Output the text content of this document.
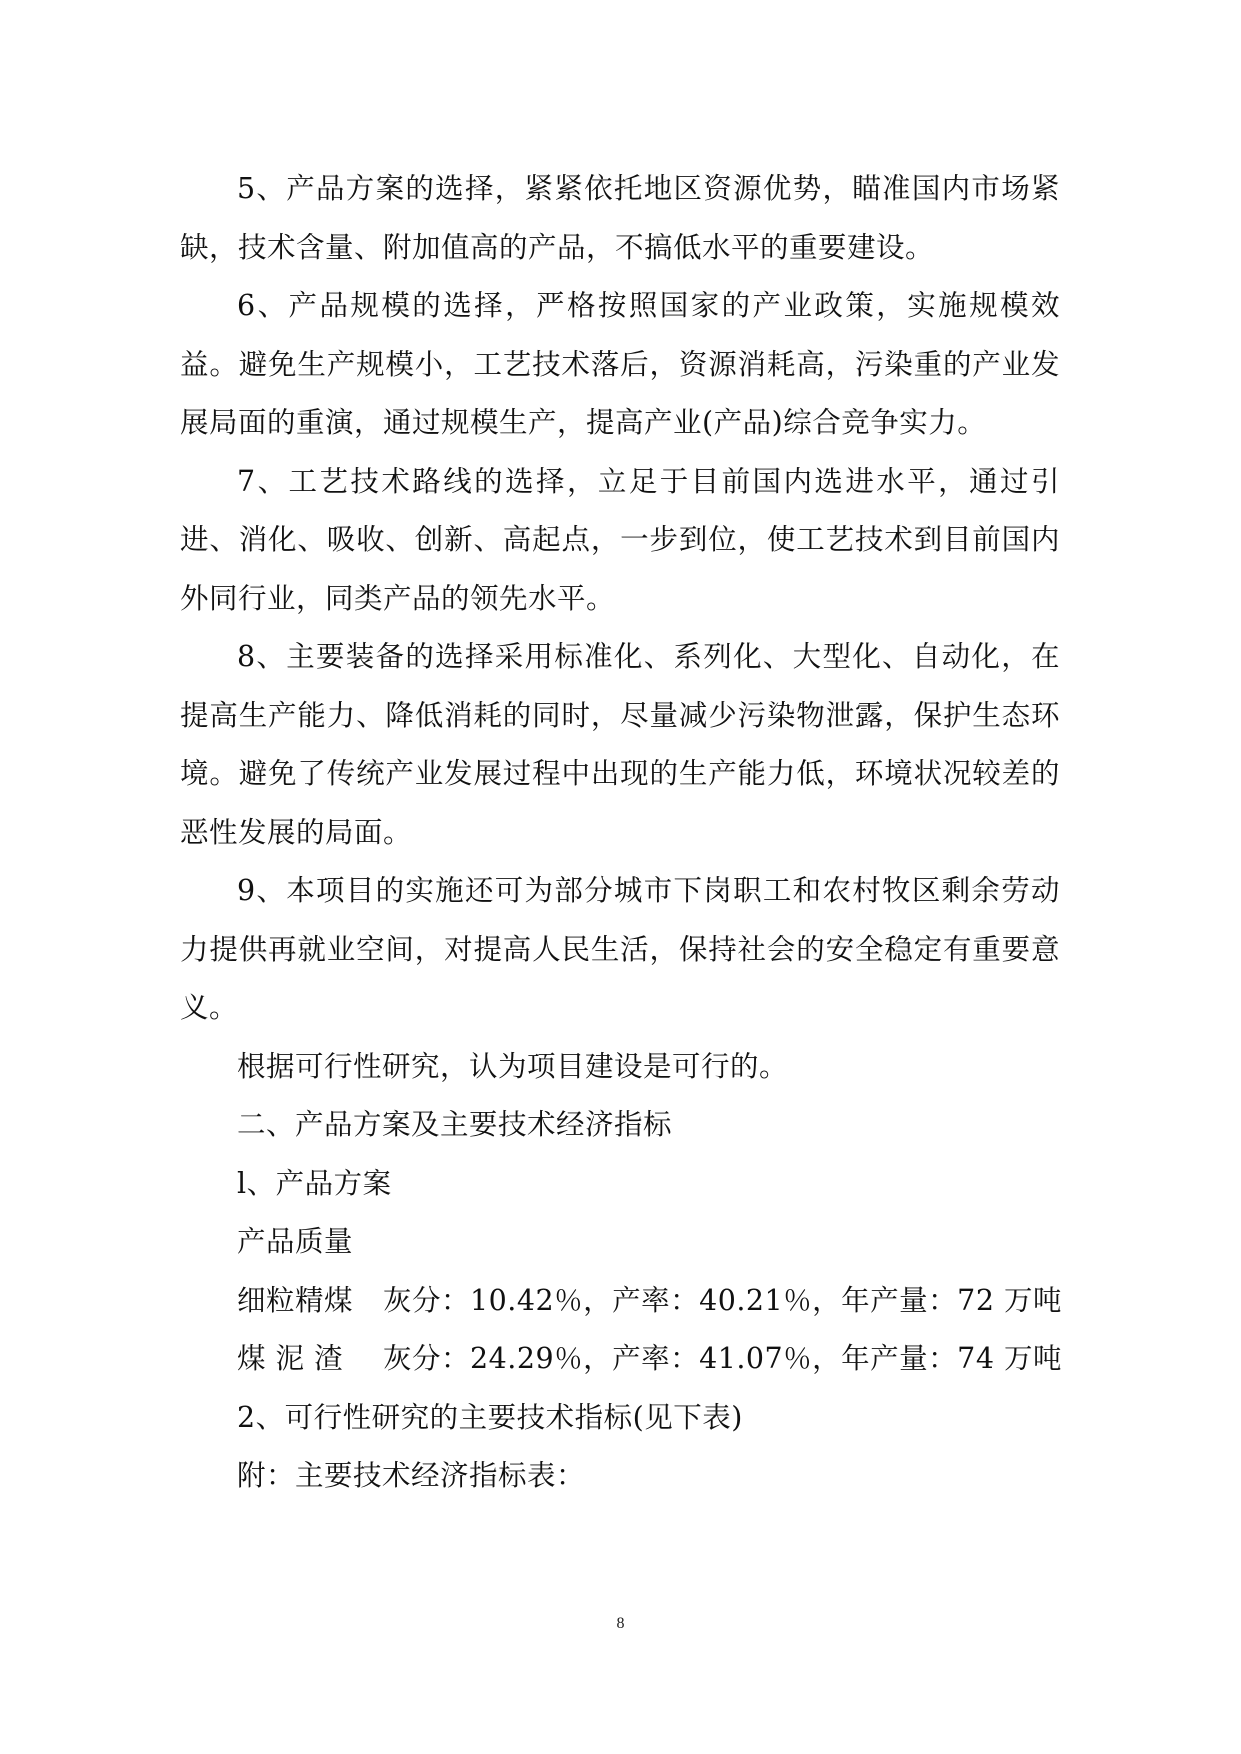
5、产品方案的选择，紧紧依托地区资源优势，瞄准国内市场紧缺，技术含量、附加值高的产品，不搞低水平的重要建设。

6、产品规模的选择，严格按照国家的产业政策，实施规模效益。避免生产规模小，工艺技术落后，资源消耗高，污染重的产业发展局面的重演，通过规模生产，提高产业(产品)综合竞争实力。

7、工艺技术路线的选择，立足于目前国内选进水平，通过引进、消化、吸收、创新、高起点，一步到位，使工艺技术到目前国内外同行业，同类产品的领先水平。

8、主要装备的选择采用标准化、系列化、大型化、自动化，在提高生产能力、降低消耗的同时，尽量减少污染物泄露，保护生态环境。避免了传统产业发展过程中出现的生产能力低，环境状况较差的恶性发展的局面。

9、本项目的实施还可为部分城市下岗职工和农村牧区剩余劳动力提供再就业空间，对提高人民生活，保持社会的安全稳定有重要意义。

根据可行性研究，认为项目建设是可行的。

二、产品方案及主要技术经济指标

l、产品方案

产品质量

细粒精煤 灰分：10.42％，产率：40.21％，年产量：72 万吨

煤 泥 渣 灰分：24.29％，产率：41.07％，年产量：74 万吨

2、可行性研究的主要技术指标(见下表)

附：主要技术经济指标表：

8
